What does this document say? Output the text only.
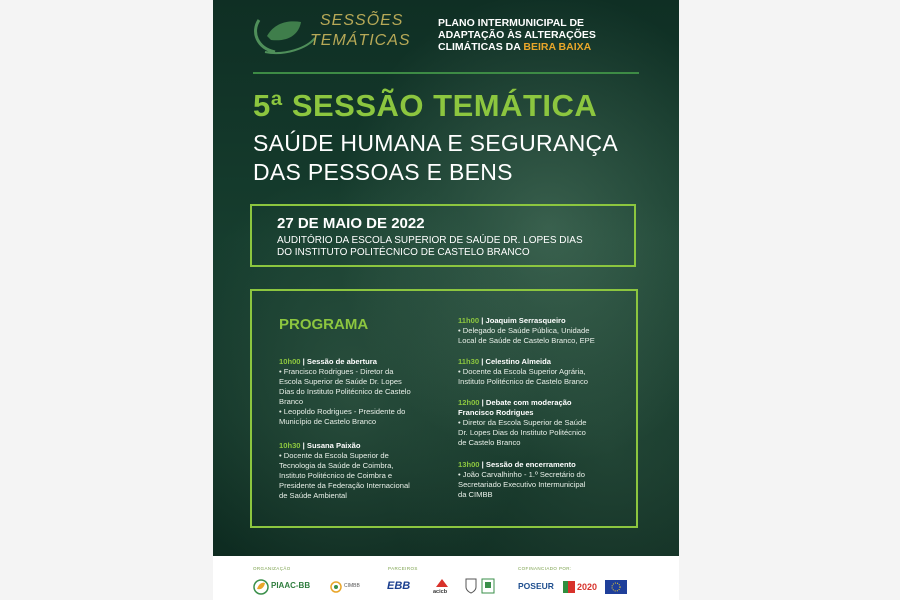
SESSÕES
TEMÁTICAS
PLANO INTERMUNICIPAL DE
ADAPTAÇÃO ÀS ALTERAÇÕES
CLIMÁTICAS DA BEIRA BAIXA
5ª SESSÃO TEMÁTICA
SAÚDE HUMANA E SEGURANÇA
DAS PESSOAS E BENS
27 DE MAIO DE 2022
AUDITÓRIO DA ESCOLA SUPERIOR DE SAÚDE DR. LOPES DIAS
DO INSTITUTO POLITÉCNICO DE CASTELO BRANCO
PROGRAMA
10h00 | Sessão de abertura
• Francisco Rodrigues - Diretor da
Escola Superior de Saúde Dr. Lopes
Dias do Instituto Politécnico de Castelo
Branco
• Leopoldo Rodrigues - Presidente do
Município de Castelo Branco
10h30 | Susana Paixão
• Docente da Escola Superior de
Tecnologia da Saúde de Coimbra,
Instituto Politécnico de Coimbra e
Presidente da Federação Internacional
de Saúde Ambiental
11h00 | Joaquim Serrasqueiro
• Delegado de Saúde Pública, Unidade
Local de Saúde de Castelo Branco, EPE
11h30 | Celestino Almeida
• Docente da Escola Superior Agrária,
Instituto Politécnico de Castelo Branco
12h00 | Debate com moderação
Francisco Rodrigues
• Diretor da Escola Superior de Saúde
Dr. Lopes Dias do Instituto Politécnico
de Castelo Branco
13h00 | Sessão de encerramento
• João Carvalhinho - 1.º Secretário do
Secretariado Executivo Intermunicipal
da CIMBB
ORGANIZAÇÃO	PARCEIROS	COFINANCIADO POR:
PIAAC-BB	CIMBB EBB	acicb
POSEUR	2020
